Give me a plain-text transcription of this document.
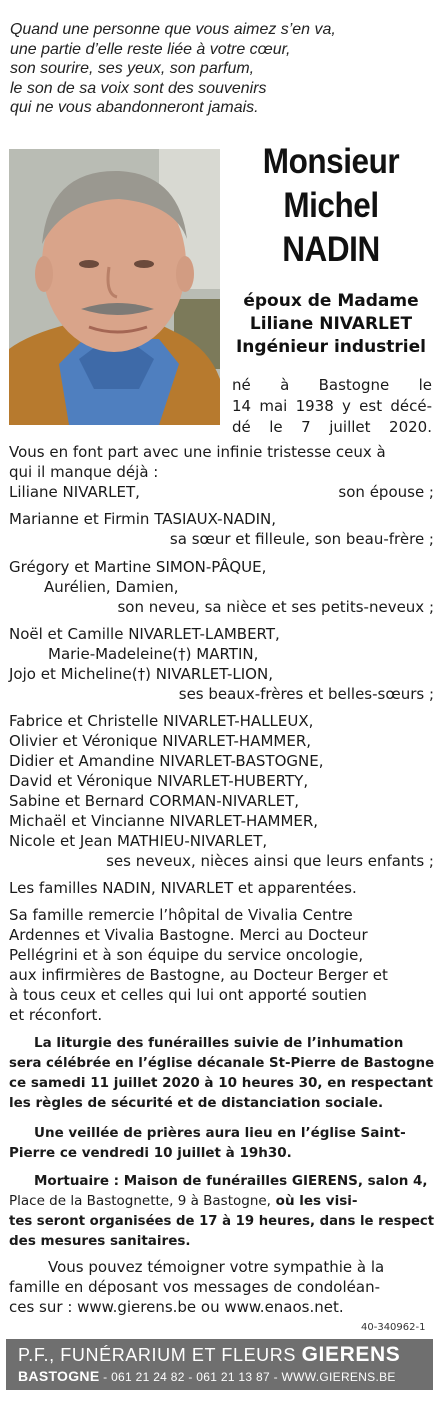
Quand une personne que vous aimez s’en va,
une partie d’elle reste liée à votre cœur,
son sourire, ses yeux, son parfum,
le son de sa voix sont des souvenirs
qui ne vous abandonneront jamais.
Monsieur
Michel
NADIN
époux de Madame
Liliane NIVARLET
Ingénieur industriel
né à Bastogne le
14 mai 1938 y est décé-
dé le 7 juillet 2020.
Vous en font part avec une infinie tristesse ceux à
qui il manque déjà :
Liliane NIVARLET,	son épouse ;
Marianne et Firmin TASIAUX-NADIN,
sa sœur et filleule, son beau-frère ;
Grégory et Martine SIMON-PÂQUE,
Aurélien, Damien,
son neveu, sa nièce et ses petits-neveux ;
Noël et Camille NIVARLET-LAMBERT,
Marie-Madeleine(†) MARTIN,
Jojo et Micheline(†) NIVARLET-LION,
ses beaux-frères et belles-sœurs ;
Fabrice et Christelle NIVARLET-HALLEUX,
Olivier et Véronique NIVARLET-HAMMER,
Didier et Amandine NIVARLET-BASTOGNE,
David et Véronique NIVARLET-HUBERTY,
Sabine et Bernard CORMAN-NIVARLET,
Michaël et Vincianne NIVARLET-HAMMER,
Nicole et Jean MATHIEU-NIVARLET,
ses neveux, nièces ainsi que leurs enfants ;
Les familles NADIN, NIVARLET et apparentées.
Sa famille remercie l’hôpital de Vivalia Centre
Ardennes et Vivalia Bastogne. Merci au Docteur
Pellégrini et à son équipe du service oncologie,
aux infirmières de Bastogne, au Docteur Berger et
à tous ceux et celles qui lui ont apporté soutien
et réconfort.
La liturgie des funérailles suivie de l’inhumation
sera célébrée en l’église décanale St-Pierre de Bastogne
ce samedi 11 juillet 2020 à 10 heures 30, en respectant
les règles de sécurité et de distanciation sociale.
Une veillée de prières aura lieu en l’église Saint-
Pierre ce vendredi 10 juillet à 19h30.
Mortuaire : Maison de funérailles GIERENS, salon 4,
Place de la Bastognette, 9 à Bastogne, où les visi-
tes seront organisées de 17 à 19 heures, dans le respect
des mesures sanitaires.
Vous pouvez témoigner votre sympathie à la
famille en déposant vos messages de condoléan-
ces sur : www.gierens.be ou www.enaos.net.
40-340962-1
P.F., FUNÉRARIUM ET FLEURS GIERENS
BASTOGNE - 061 21 24 82 - 061 21 13 87 - WWW.GIERENS.BE
